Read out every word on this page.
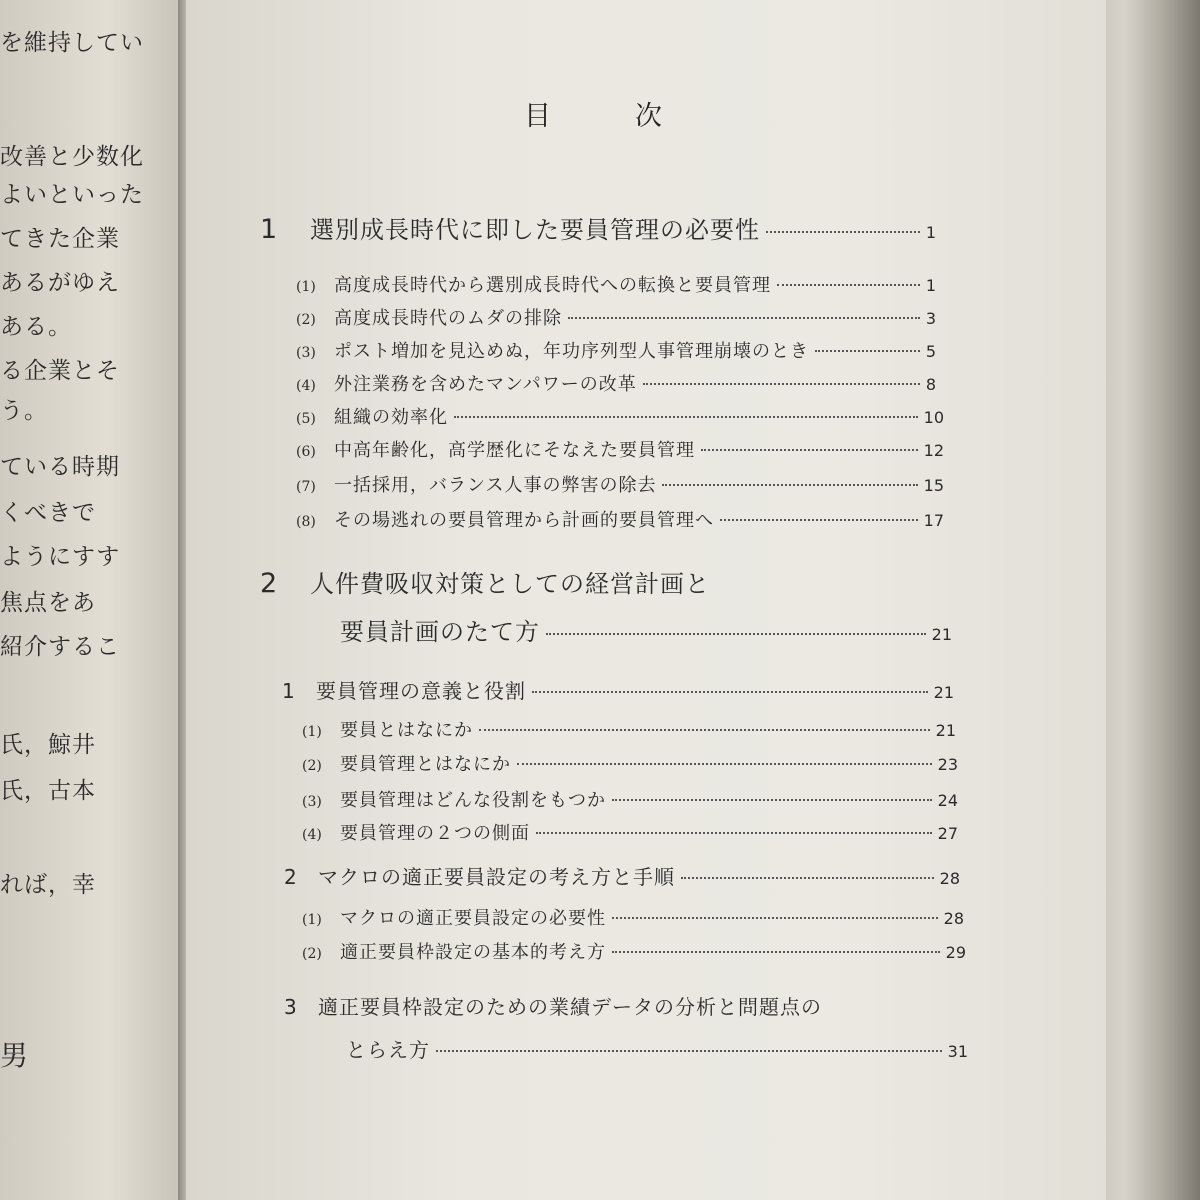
を維持してい
改善と少数化
よいといった
てきた企業
あるがゆえ
ある。
る企業とそ
う。
ている時期
くべきで
ようにすす
焦点をあ
紹介するこ
氏，鯨井
氏，古本
れば，幸
男
目	次
1	選別成長時代に即した要員管理の必要性	1
(1)	高度成長時代から選別成長時代への転換と要員管理	1
(2)	高度成長時代のムダの排除	3
(3)	ポスト増加を見込めぬ，年功序列型人事管理崩壊のとき	5
(4)	外注業務を含めたマンパワーの改革	8
(5)	組織の効率化	10
(6)	中高年齢化，高学歴化にそなえた要員管理	12
(7)	一括採用，バランス人事の弊害の除去	15
(8)	その場逃れの要員管理から計画的要員管理へ	17
2	人件費吸収対策としての経営計画と
要員計画のたて方	21
1	要員管理の意義と役割	21
(1)	要員とはなにか	21
(2)	要員管理とはなにか	23
(3)	要員管理はどんな役割をもつか	24
(4)	要員管理の２つの側面	27
2	マクロの適正要員設定の考え方と手順	28
(1)	マクロの適正要員設定の必要性	28
(2)	適正要員枠設定の基本的考え方	29
3	適正要員枠設定のための業績データの分析と問題点の
とらえ方	31
